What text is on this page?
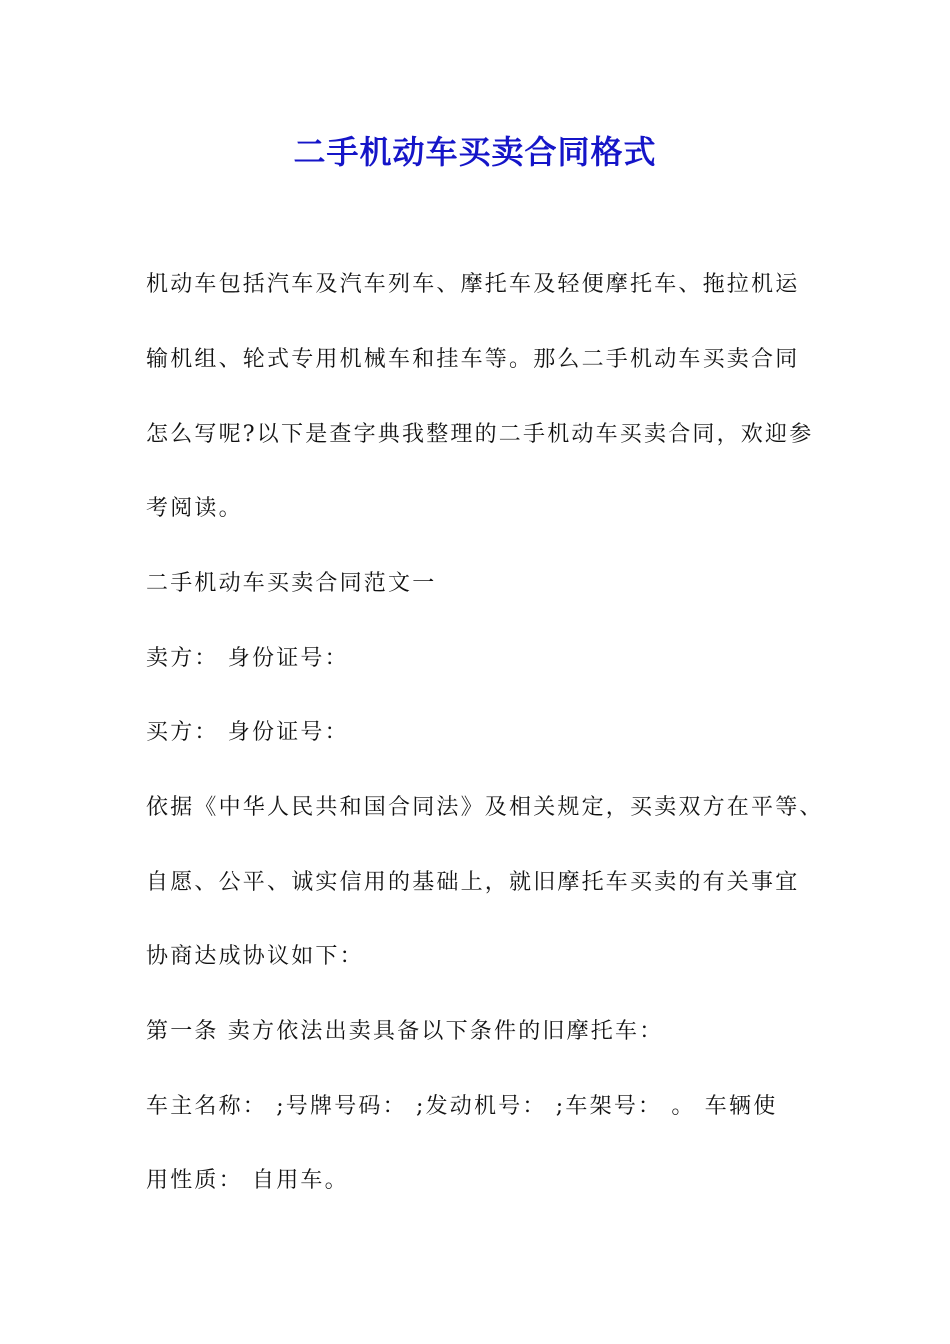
二手机动车买卖合同格式
机动车包括汽车及汽车列车、摩托车及轻便摩托车、拖拉机运
输机组、轮式专用机械车和挂车等。那么二手机动车买卖合同
怎么写呢?以下是查字典我整理的二手机动车买卖合同，欢迎参
考阅读。
二手机动车买卖合同范文一
卖方： 身份证号：
买方： 身份证号：
依据《中华人民共和国合同法》及相关规定，买卖双方在平等、
自愿、公平、诚实信用的基础上，就旧摩托车买卖的有关事宜
协商达成协议如下：
第一条 卖方依法出卖具备以下条件的旧摩托车：
车主名称： ;号牌号码： ;发动机号： ;车架号： 。 车辆使
用性质： 自用车。
